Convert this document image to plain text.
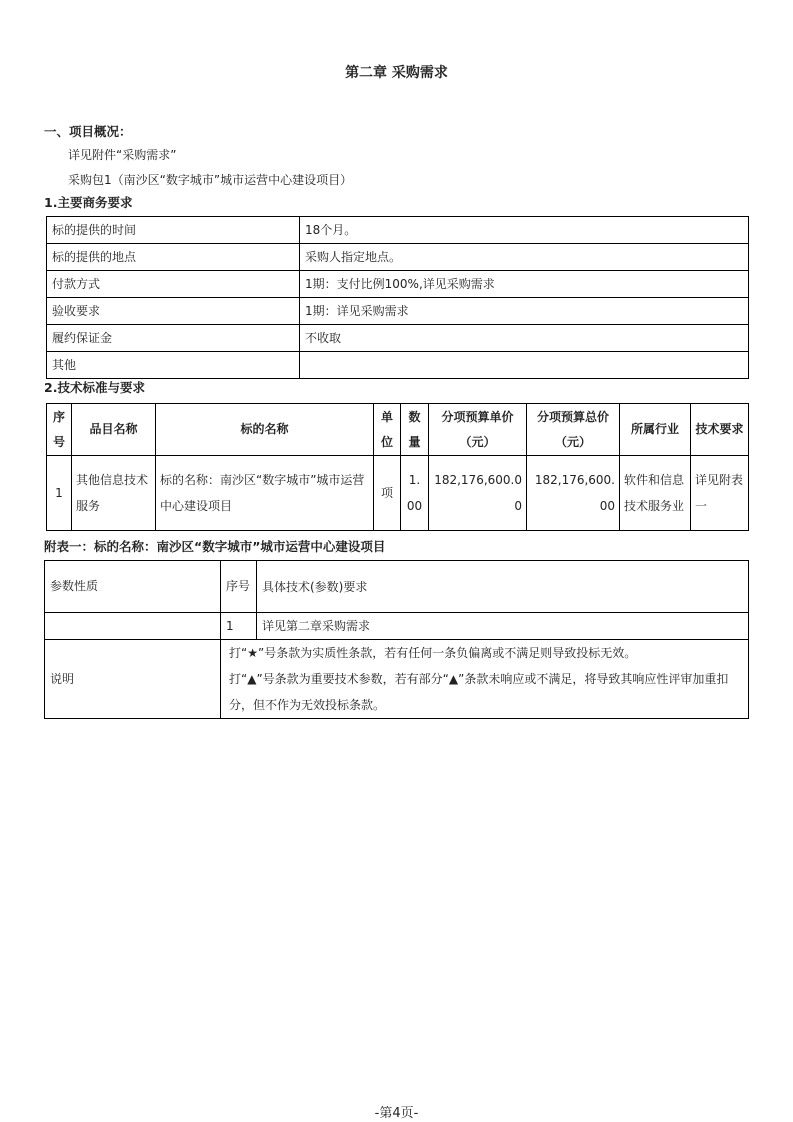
第二章 采购需求
一、项目概况：
详见附件“采购需求”
采购包1（南沙区“数字城市”城市运营中心建设项目）
1.主要商务要求
标的提供的时间	18个月。
标的提供的地点	采购人指定地点。
付款方式	1期：支付比例100%,详见采购需求
验收要求	1期：详见采购需求
履约保证金	不收取
其他	
2.技术标准与要求
序号	品目名称	标的名称	单位	数量	分项预算单价（元）	分项预算总价（元）	所属行业	技术要求
1	其他信息技术服务	标的名称：南沙区“数字城市”城市运营中心建设项目	项	1.00	182,176,600.00	182,176,600.00	软件和信息技术服务业	详见附表一
附表一：标的名称：南沙区“数字城市”城市运营中心建设项目
参数性质	序号	具体技术(参数)要求
	1	详见第二章采购需求
说明	打“★”号条款为实质性条款，若有任何一条负偏离或不满足则导致投标无效。
打“▲”号条款为重要技术参数，若有部分“▲”条款未响应或不满足，将导致其响应性评审加重扣分，但不作为无效投标条款。	
-第4页-
